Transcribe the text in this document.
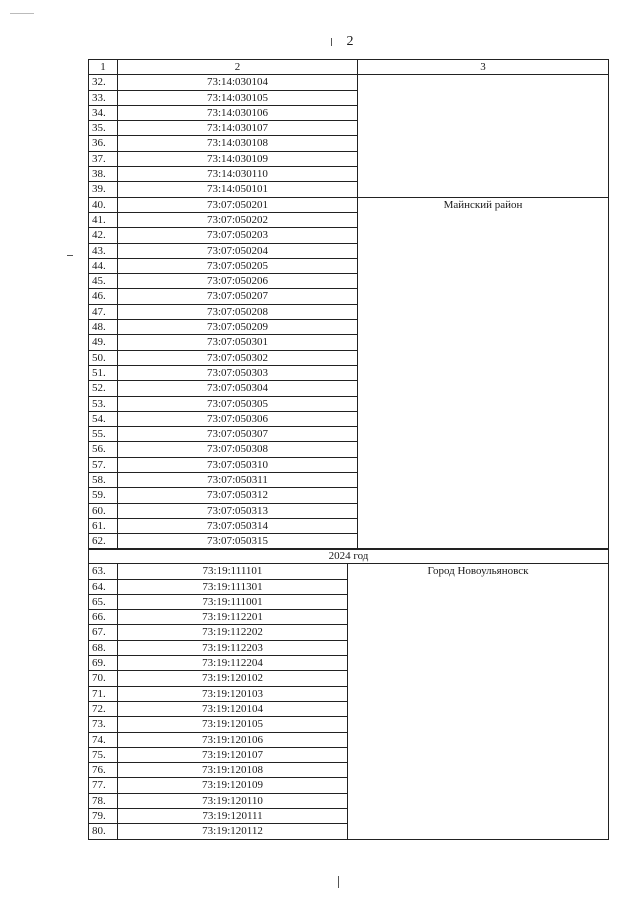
2
1	2	3
32.	73:14:030104	
33.	73:14:030105	
34.	73:14:030106	
35.	73:14:030107	
36.	73:14:030108	
37.	73:14:030109	
38.	73:14:030110	
39.	73:14:050101	
40.	73:07:050201	Майнский район
41.	73:07:050202	
42.	73:07:050203	
43.	73:07:050204	
44.	73:07:050205	
45.	73:07:050206	
46.	73:07:050207	
47.	73:07:050208	
48.	73:07:050209	
49.	73:07:050301	
50.	73:07:050302	
51.	73:07:050303	
52.	73:07:050304	
53.	73:07:050305	
54.	73:07:050306	
55.	73:07:050307	
56.	73:07:050308	
57.	73:07:050310	
58.	73:07:050311	
59.	73:07:050312	
60.	73:07:050313	
61.	73:07:050314	
62.	73:07:050315	
2024 год		
63.	73:19:111101	Город Новоульяновск
64.	73:19:111301	
65.	73:19:111001	
66.	73:19:112201	
67.	73:19:112202	
68.	73:19:112203	
69.	73:19:112204	
70.	73:19:120102	
71.	73:19:120103	
72.	73:19:120104	
73.	73:19:120105	
74.	73:19:120106	
75.	73:19:120107	
76.	73:19:120108	
77.	73:19:120109	
78.	73:19:120110	
79.	73:19:120111	
80.	73:19:120112	
